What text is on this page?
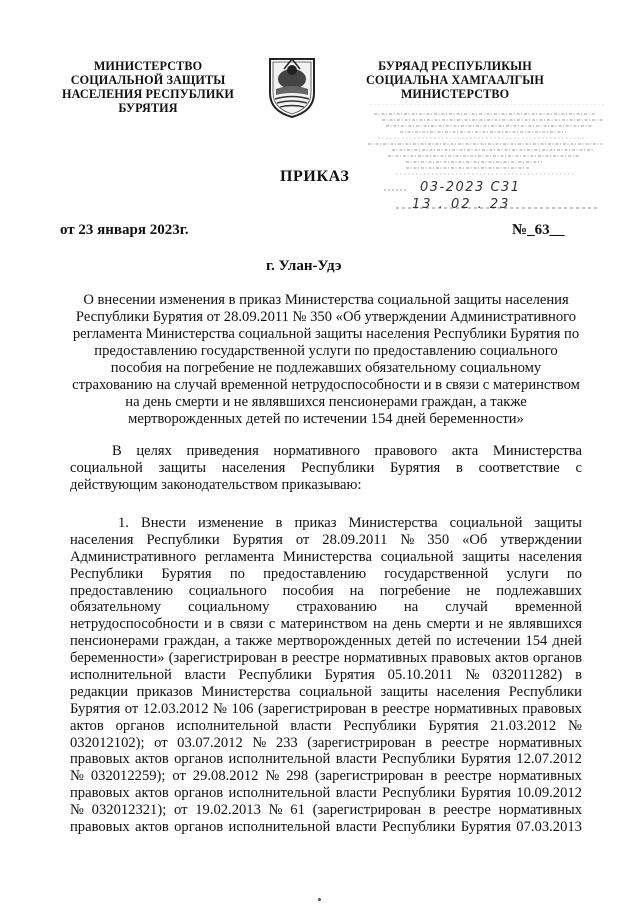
МИНИСТЕРСТВО
СОЦИАЛЬНОЙ ЗАЩИТЫ
НАСЕЛЕНИЯ РЕСПУБЛИКИ
БУРЯТИЯ
БУРЯАД РЕСПУБЛИКЫН
СОЦИАЛЬНА ХАМГААЛГЫН
МИНИСТЕРСТВО
03-2023 C31
13 . 02 . 23
ПРИКАЗ
от 23 января 2023г.	№_63__
г. Улан-Удэ
О внесении изменения в приказ Министерства социальной защиты населения
Республики Бурятия от 28.09.2011 № 350 «Об утверждении Административного
регламента Министерства социальной защиты населения Республики Бурятия по
предоставлению государственной услуги по предоставлению социального
пособия на погребение не подлежавших обязательному социальному
страхованию на случай временной нетрудоспособности и в связи с материнством
на день смерти и не являвшихся пенсионерами граждан, а также
мертворожденных детей по истечении 154 дней беременности»
В целях приведения нормативного правового акта Министерства
социальной защиты населения Республики Бурятия в соответствие с
действующим законодательством приказываю:
1. Внести изменение в приказ Министерства социальной защиты
населения Республики Бурятия от 28.09.2011 № 350 «Об утверждении
Административного регламента Министерства социальной защиты населения
Республики Бурятия по предоставлению государственной услуги по
предоставлению социального пособия на погребение не подлежавших
обязательному социальному страхованию на случай временной
нетрудоспособности и в связи с материнством на день смерти и не являвшихся
пенсионерами граждан, а также мертворожденных детей по истечении 154 дней
беременности» (зарегистрирован в реестре нормативных правовых актов органов
исполнительной власти Республики Бурятия 05.10.2011 № 032011282) в
редакции приказов Министерства социальной защиты населения Республики
Бурятия от 12.03.2012 № 106 (зарегистрирован в реестре нормативных правовых
актов органов исполнительной власти Республики Бурятия 21.03.2012 №
032012102); от 03.07.2012 № 233 (зарегистрирован в реестре нормативных
правовых актов органов исполнительной власти Республики Бурятия 12.07.2012
№ 032012259); от 29.08.2012 № 298 (зарегистрирован в реестре нормативных
правовых актов органов исполнительной власти Республики Бурятия 10.09.2012
№ 032012321); от 19.02.2013 № 61 (зарегистрирован в реестре нормативных
правовых актов органов исполнительной власти Республики Бурятия 07.03.2013
